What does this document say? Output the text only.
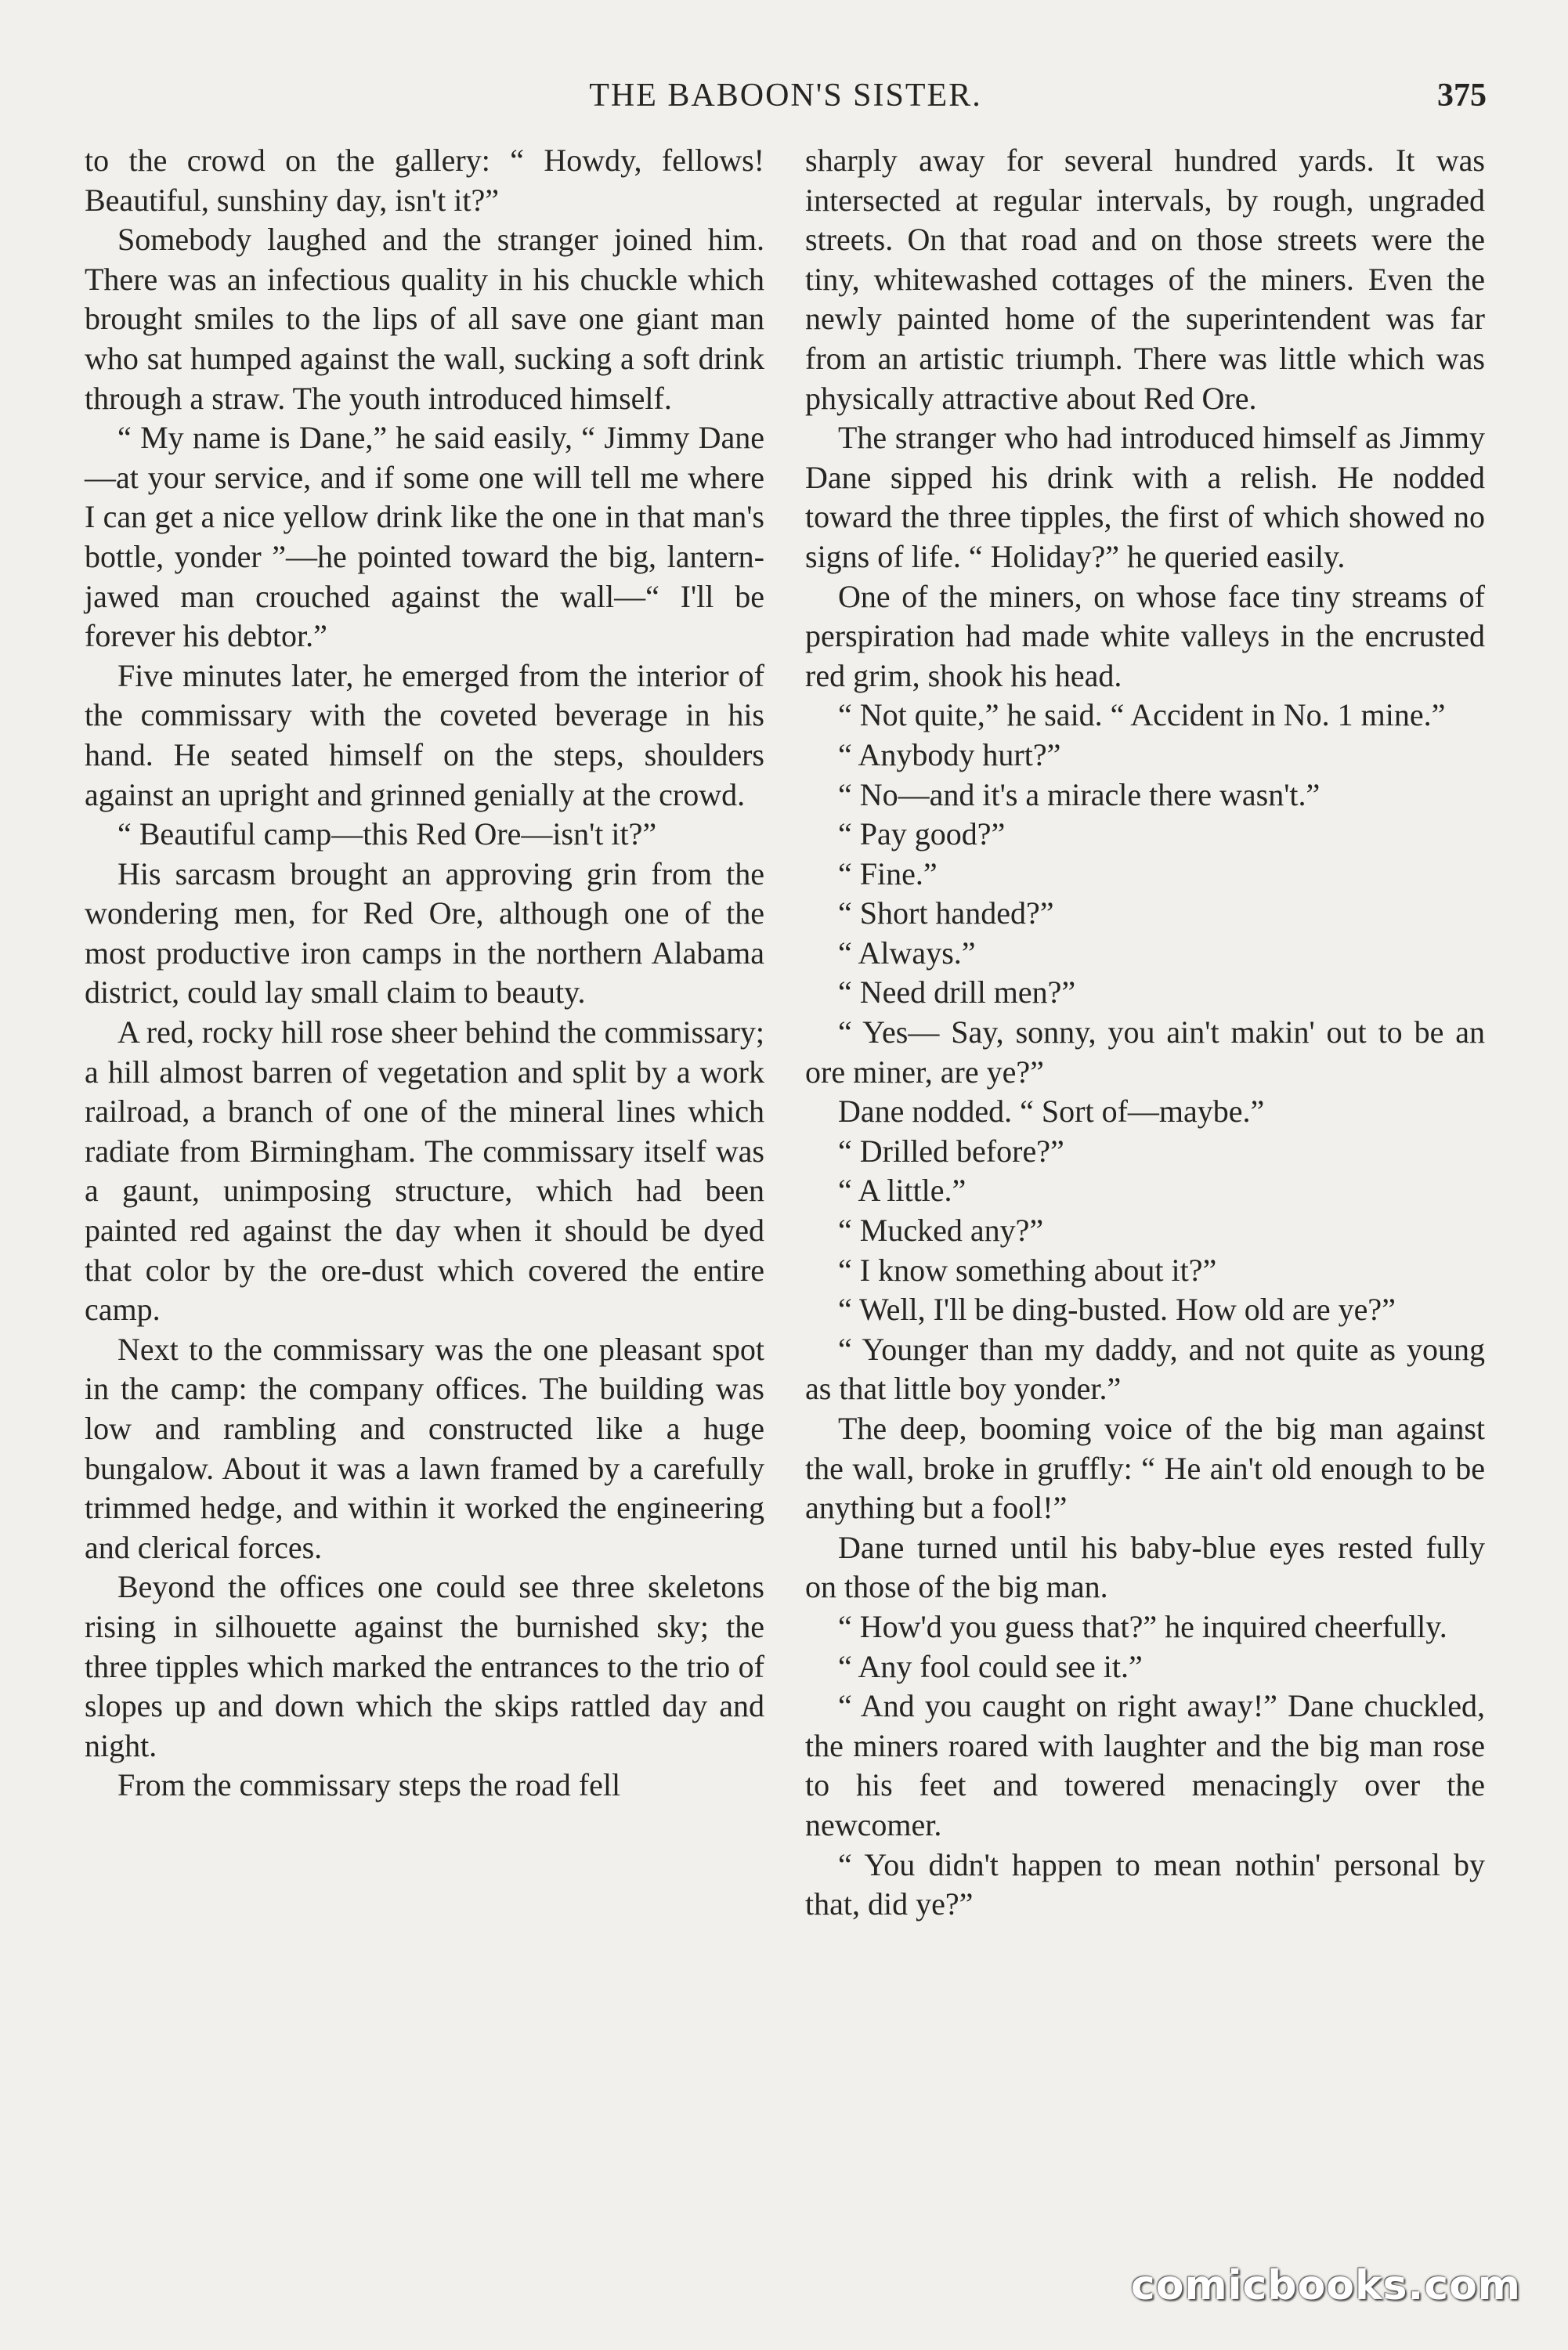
THE BABOON'S SISTER.	375

to the crowd on the gallery: “ Howdy, fellows! Beautiful, sunshiny day, isn't it?”

Somebody laughed and the stranger joined him. There was an infectious quality in his chuckle which brought smiles to the lips of all save one giant man who sat humped against the wall, sucking a soft drink through a straw. The youth introduced himself.

“ My name is Dane,” he said easily, “ Jimmy Dane—at your service, and if some one will tell me where I can get a nice yellow drink like the one in that man's bottle, yonder ”—he pointed toward the big, lantern-jawed man crouched against the wall—“ I'll be forever his debtor.”

Five minutes later, he emerged from the interior of the commissary with the coveted beverage in his hand. He seated himself on the steps, shoulders against an upright and grinned genially at the crowd.

“ Beautiful camp—this Red Ore—isn't it?”

His sarcasm brought an approving grin from the wondering men, for Red Ore, although one of the most productive iron camps in the northern Alabama district, could lay small claim to beauty.

A red, rocky hill rose sheer behind the commissary; a hill almost barren of vegetation and split by a work railroad, a branch of one of the mineral lines which radiate from Birmingham. The commissary itself was a gaunt, unimposing structure, which had been painted red against the day when it should be dyed that color by the ore-dust which covered the entire camp.

Next to the commissary was the one pleasant spot in the camp: the company offices. The building was low and rambling and constructed like a huge bungalow. About it was a lawn framed by a carefully trimmed hedge, and within it worked the engineering and clerical forces.

Beyond the offices one could see three skeletons rising in silhouette against the burnished sky; the three tipples which marked the entrances to the trio of slopes up and down which the skips rattled day and night.

From the commissary steps the road fell

sharply away for several hundred yards. It was intersected at regular intervals, by rough, ungraded streets. On that road and on those streets were the tiny, whitewashed cottages of the miners. Even the newly painted home of the superintendent was far from an artistic triumph. There was little which was physically attractive about Red Ore.

The stranger who had introduced himself as Jimmy Dane sipped his drink with a relish. He nodded toward the three tipples, the first of which showed no signs of life. “ Holiday?” he queried easily.

One of the miners, on whose face tiny streams of perspiration had made white valleys in the encrusted red grim, shook his head.

“ Not quite,” he said. “ Accident in No. 1 mine.”

“ Anybody hurt?”

“ No—and it's a miracle there wasn't.”

“ Pay good?”

“ Fine.”

“ Short handed?”

“ Always.”

“ Need drill men?”

“ Yes— Say, sonny, you ain't makin' out to be an ore miner, are ye?”

Dane nodded. “ Sort of—maybe.”

“ Drilled before?”

“ A little.”

“ Mucked any?”

“ I know something about it?”

“ Well, I'll be ding-busted. How old are ye?”

“ Younger than my daddy, and not quite as young as that little boy yonder.”

The deep, booming voice of the big man against the wall, broke in gruffly: “ He ain't old enough to be anything but a fool!”

Dane turned until his baby-blue eyes rested fully on those of the big man.

“ How'd you guess that?” he inquired cheerfully.

“ Any fool could see it.”

“ And you caught on right away!” Dane chuckled, the miners roared with laughter and the big man rose to his feet and towered menacingly over the newcomer.

“ You didn't happen to mean nothin' personal by that, did ye?”

comicbooks.com
